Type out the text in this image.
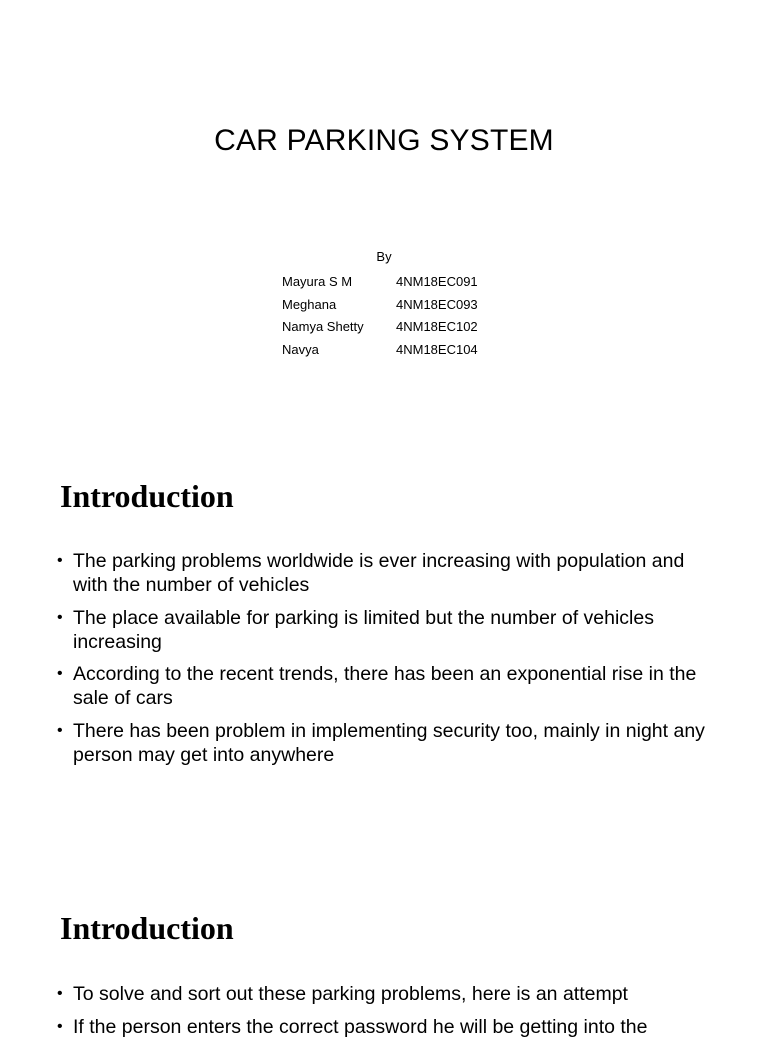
CAR PARKING SYSTEM
By
Mayura S M	4NM18EC091
Meghana	4NM18EC093
Namya Shetty 4NM18EC102
Navya	4NM18EC104
Introduction
• The parking problems worldwide is ever increasing with population and with the number of vehicles
• The place available for parking is limited but the number of vehicles increasing
• According to the recent trends, there has been an exponential rise in the sale of cars
• There has been problem in implementing security too, mainly in night any person may get into anywhere
Introduction
• To solve and sort out these parking problems, here is an attempt
• If the person enters the correct password he will be getting into the
